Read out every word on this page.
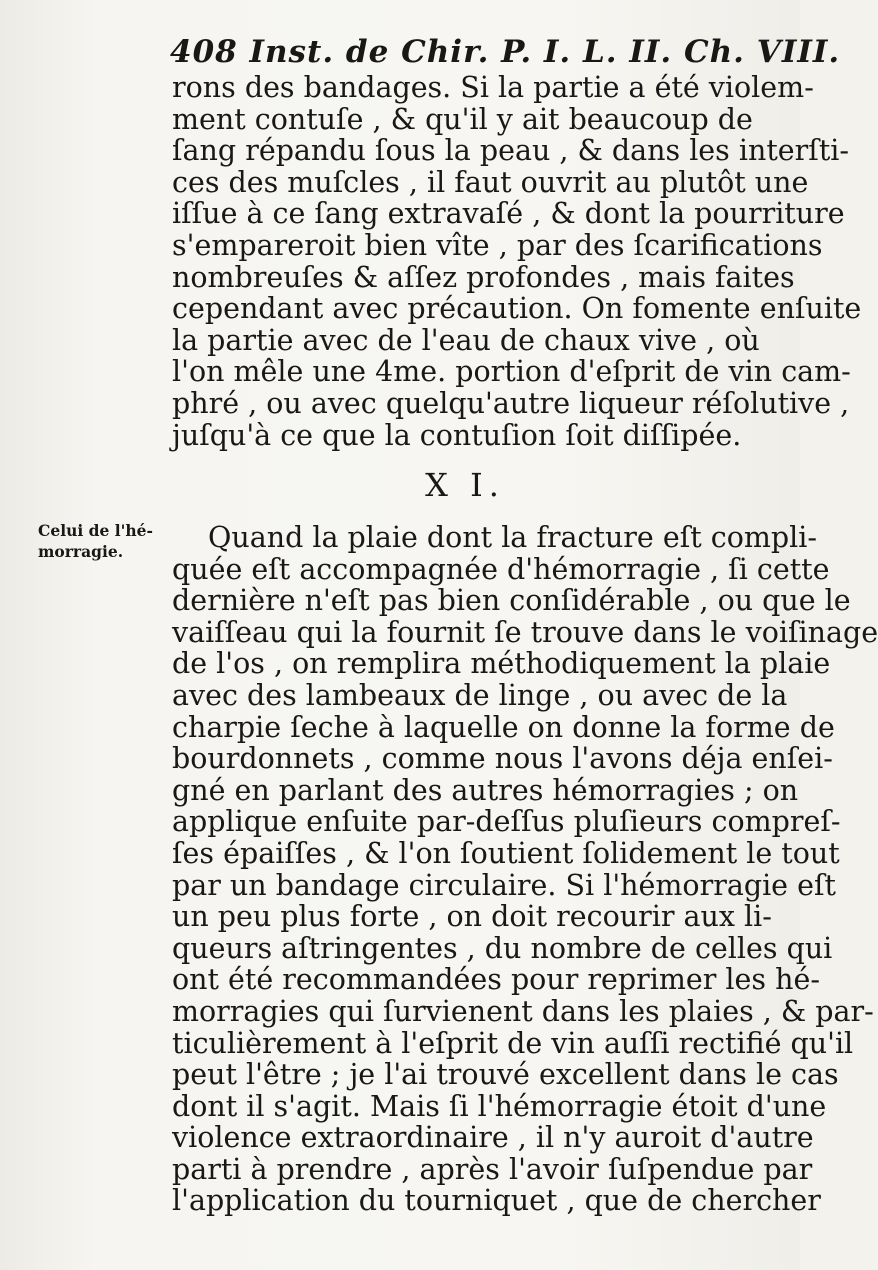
408 Inst. de Chir. P. I. L. II. Ch. VIII.
rons des bandages. Si la partie a été violem-
ment contuſe , & qu'il y ait beaucoup de
ſang répandu ſous la peau , & dans les interſti-
ces des muſcles , il faut ouvrit au plutôt une
iſſue à ce ſang extravaſé , & dont la pourriture
s'empareroit bien vîte , par des ſcarifications
nombreuſes & aſſez profondes , mais faites
cependant avec précaution. On fomente enſuite
la partie avec de l'eau de chaux vive , où
l'on mêle une 4me. portion d'eſprit de vin cam-
phré , ou avec quelqu'autre liqueur réſolutive ,
juſqu'à ce que la contuſion ſoit diſſipée.
X I.
Celui de l'hé-
morragie.	Quand la plaie dont la fracture eſt compli-
quée eſt accompagnée d'hémorragie , ſi cette
dernière n'eſt pas bien conſidérable , ou que le
vaiſſeau qui la fournit ſe trouve dans le voiſinage
de l'os , on remplira méthodiquement la plaie
avec des lambeaux de linge , ou avec de la
charpie ſeche à laquelle on donne la forme de
bourdonnets , comme nous l'avons déja enſei-
gné en parlant des autres hémorragies ; on
applique enſuite par-deſſus pluſieurs compreſ-
ſes épaiſſes , & l'on ſoutient ſolidement le tout
par un bandage circulaire. Si l'hémorragie eſt
un peu plus forte , on doit recourir aux li-
queurs aſtringentes , du nombre de celles qui
ont été recommandées pour reprimer les hé-
morragies qui ſurvienent dans les plaies , & par-
ticulièrement à l'eſprit de vin auſſi rectifié qu'il
peut l'être ; je l'ai trouvé excellent dans le cas
dont il s'agit. Mais ſi l'hémorragie étoit d'une
violence extraordinaire , il n'y auroit d'autre
parti à prendre , après l'avoir ſuſpendue par
l'application du tourniquet , que de chercher
